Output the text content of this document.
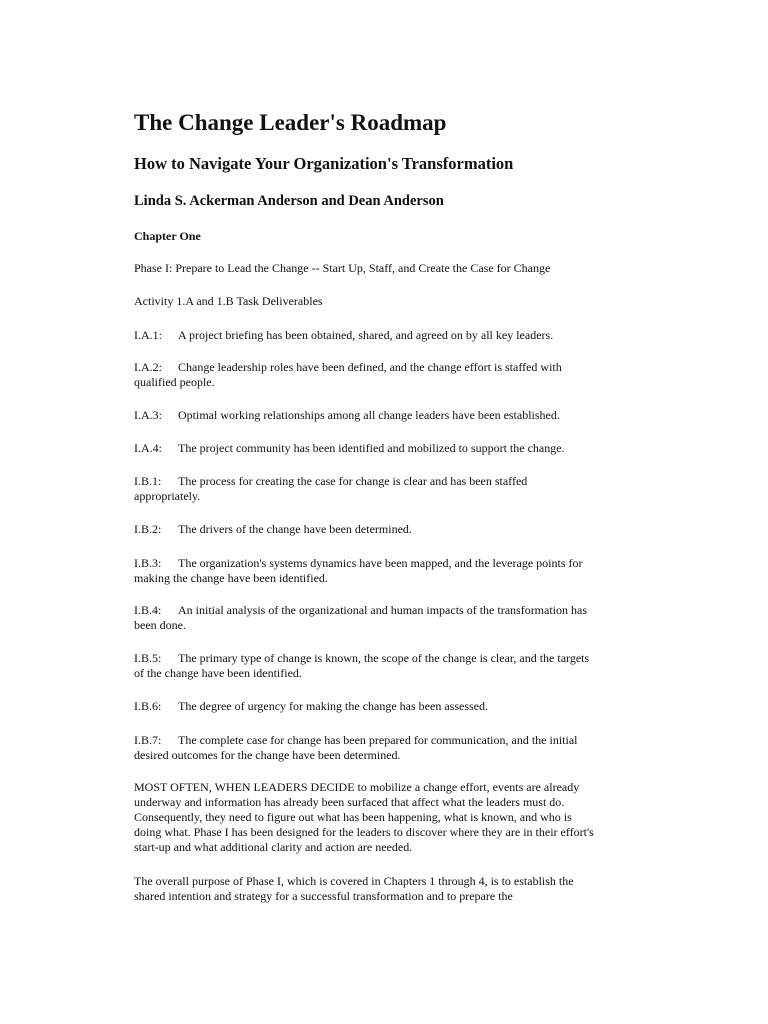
The Change Leader's Roadmap
How to Navigate Your Organization's Transformation
Linda S. Ackerman Anderson and Dean Anderson
Chapter One

Phase I: Prepare to Lead the Change -- Start Up, Staff, and Create the Case for Change

Activity 1.A and 1.B Task Deliverables

I.A.1: A project briefing has been obtained, shared, and agreed on by all key leaders.

I.A.2: Change leadership roles have been defined, and the change effort is staffed with qualified people.

I.A.3: Optimal working relationships among all change leaders have been established.

I.A.4: The project community has been identified and mobilized to support the change.

I.B.1: The process for creating the case for change is clear and has been staffed appropriately.

I.B.2: The drivers of the change have been determined.

I.B.3: The organization's systems dynamics have been mapped, and the leverage points for making the change have been identified.

I.B.4: An initial analysis of the organizational and human impacts of the transformation has been done.

I.B.5: The primary type of change is known, the scope of the change is clear, and the targets of the change have been identified.

I.B.6: The degree of urgency for making the change has been assessed.

I.B.7: The complete case for change has been prepared for communication, and the initial desired outcomes for the change have been determined.

MOST OFTEN, WHEN LEADERS DECIDE to mobilize a change effort, events are already underway and information has already been surfaced that affect what the leaders must do. Consequently, they need to figure out what has been happening, what is known, and who is doing what. Phase I has been designed for the leaders to discover where they are in their effort's start-up and what additional clarity and action are needed.

The overall purpose of Phase I, which is covered in Chapters 1 through 4, is to establish the shared intention and strategy for a successful transformation and to prepare the
